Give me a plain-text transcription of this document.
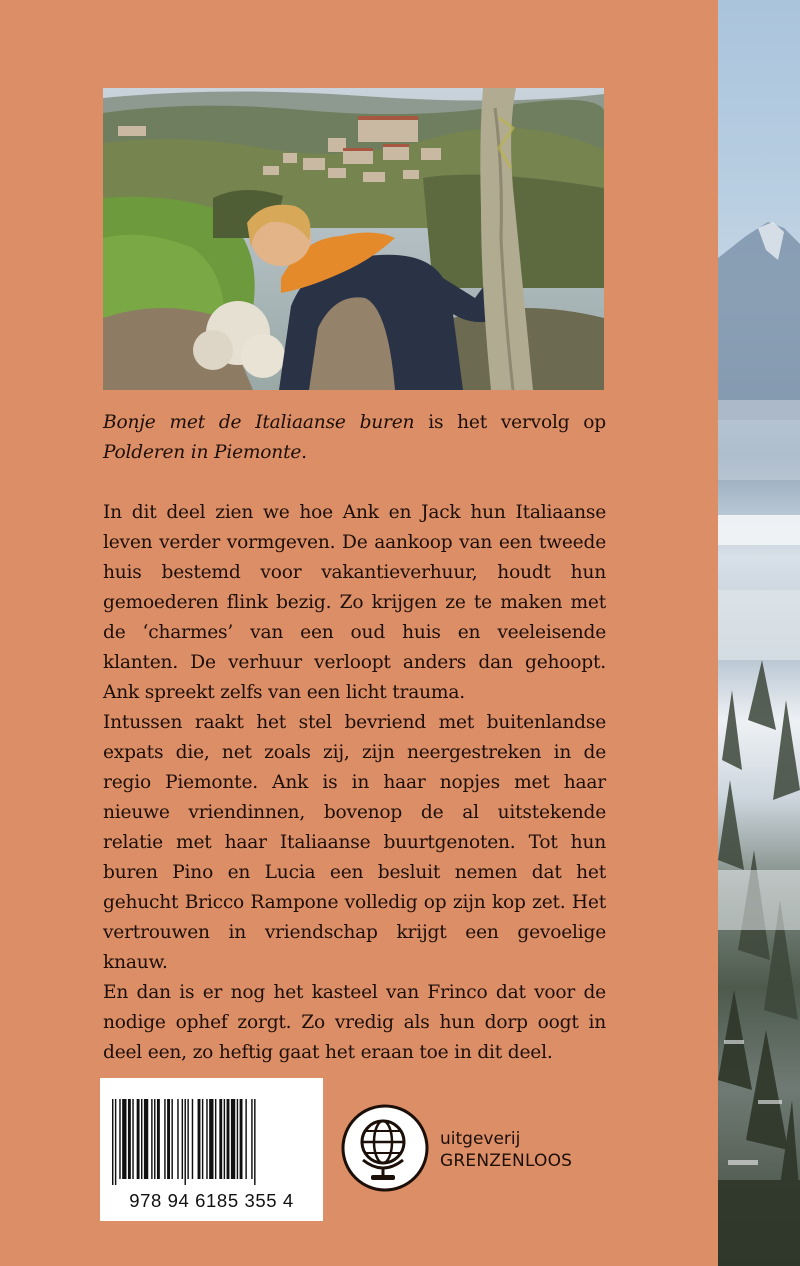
Bonje met de Italiaanse buren is het vervolg op Polderen in Piemonte.

In dit deel zien we hoe Ank en Jack hun Italiaanse leven verder vormgeven. De aankoop van een tweede huis bestemd voor vakantieverhuur, houdt hun gemoederen flink bezig. Zo krijgen ze te maken met de ‘charmes’ van een oud huis en veeleisende klanten. De verhuur verloopt anders dan gehoopt. Ank spreekt zelfs van een licht trauma.

Intussen raakt het stel bevriend met buitenlandse expats die, net zoals zij, zijn neergestreken in de regio Piemonte. Ank is in haar nopjes met haar nieuwe vriendinnen, bovenop de al uitstekende relatie met haar Italiaanse buurtgenoten. Tot hun buren Pino en Lucia een besluit nemen dat het gehucht Bricco Rampone volledig op zijn kop zet. Het vertrouwen in vriendschap krijgt een gevoelige knauw.

En dan is er nog het kasteel van Frinco dat voor de nodige ophef zorgt. Zo vredig als hun dorp oogt in deel een, zo heftig gaat het eraan toe in dit deel.

978 94 6185 355 4
uitgeverij
GRENZENLOOS
